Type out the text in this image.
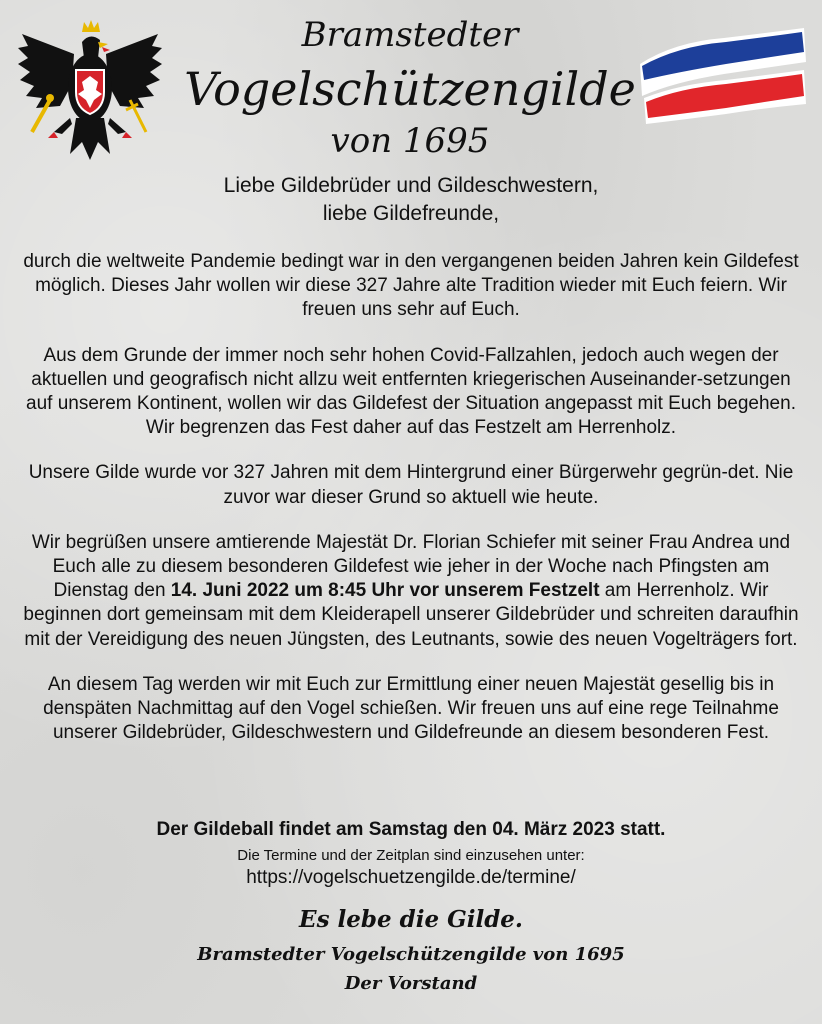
Bramstedter
Vogelschützengilde
von 1695
Liebe Gildebrüder und Gildeschwestern,
liebe Gildefreunde,

durch die weltweite Pandemie bedingt war in den vergangenen beiden Jahren kein Gildefest möglich. Dieses Jahr wollen wir diese 327 Jahre alte Tradition wieder mit Euch feiern. Wir freuen uns sehr auf Euch.

Aus dem Grunde der immer noch sehr hohen Covid-Fallzahlen, jedoch auch wegen der aktuellen und geografisch nicht allzu weit entfernten kriegerischen Auseinander-setzungen auf unserem Kontinent, wollen wir das Gildefest der Situation angepasst mit Euch begehen. Wir begrenzen das Fest daher auf das Festzelt am Herrenholz.

Unsere Gilde wurde vor 327 Jahren mit dem Hintergrund einer Bürgerwehr gegrün-det. Nie zuvor war dieser Grund so aktuell wie heute.

Wir begrüßen unsere amtierende Majestät Dr. Florian Schiefer mit seiner Frau Andrea und Euch alle zu diesem besonderen Gildefest wie jeher in der Woche nach Pfingsten am Dienstag den 14. Juni 2022 um 8:45 Uhr vor unserem Festzelt am Herrenholz. Wir beginnen dort gemeinsam mit dem Kleiderapell unserer Gildebrüder und schreiten daraufhin mit der Vereidigung des neuen Jüngsten, des Leutnants, sowie des neuen Vogelträgers fort.

An diesem Tag werden wir mit Euch zur Ermittlung einer neuen Majestät gesellig bis in denspäten Nachmittag auf den Vogel schießen. Wir freuen uns auf eine rege Teilnahme unserer Gildebrüder, Gildeschwestern und Gildefreunde an diesem besonderen Fest.

Der Gildeball findet am Samstag den 04. März 2023 statt.
Die Termine und der Zeitplan sind einzusehen unter:
https://vogelschuetzengilde.de/termine/
Es lebe die Gilde.
Bramstedter Vogelschützengilde von 1695
Der Vorstand
